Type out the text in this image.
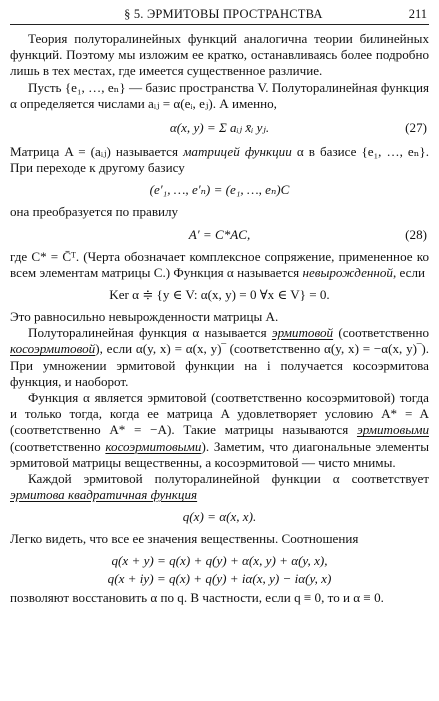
§ 5. ЭРМИТОВЫ ПРОСТРАНСТВА	211

Теория полуторалинейных функций аналогична теории билинейных функций. Поэтому мы изложим ее кратко, останавливаясь более подробно лишь в тех местах, где имеется существенное различие.

Пусть {e₁, …, eₙ} — базис пространства V. Полуторалинейная функция α определяется числами aᵢⱼ = α(eᵢ, eⱼ). А именно,

α(x, y) = Σ aᵢⱼ x̄ᵢ yⱼ.	(27)

Матрица A = (aᵢⱼ) называется матрицей функции α в базисе {e₁, …, eₙ}. При переходе к другому базису

(e′₁, …, e′ₙ) = (e₁, …, eₙ)C

она преобразуется по правилу

A′ = C*AC,	(28)

где C* = C̄ᵀ. (Черта обозначает комплексное сопряжение, примененное ко всем элементам матрицы C.) Функция α называется невырожденной, если

Ker α ≑ {y ∈ V: α(x, y) = 0 ∀x ∈ V} = 0.

Это равносильно невырожденности матрицы A.

Полуторалинейная функция α называется эрмитовой (соответственно косоэрмитовой), если α(y, x) = α(x, y)‾ (соответственно α(y, x) = −α(x, y)‾). При умножении эрмитовой функции на i получается косоэрмитова функция, и наоборот.

Функция α является эрмитовой (соответственно косоэрмитовой) тогда и только тогда, когда ее матрица A удовлетворяет условию A* = A (соответственно A* = −A). Такие матрицы называются эрмитовыми (соответственно косоэрмитовыми). Заметим, что диагональные элементы эрмитовой матрицы вещественны, а косоэрмитовой — чисто мнимы.

Каждой эрмитовой полуторалинейной функции α соответствует эрмитова квадратичная функция

q(x) = α(x, x).

Легко видеть, что все ее значения вещественны. Соотношения

q(x + y) = q(x) + q(y) + α(x, y) + α(y, x),
q(x + iy) = q(x) + q(y) + iα(x, y) − iα(y, x)

позволяют восстановить α по q. В частности, если q ≡ 0, то и α ≡ 0.
